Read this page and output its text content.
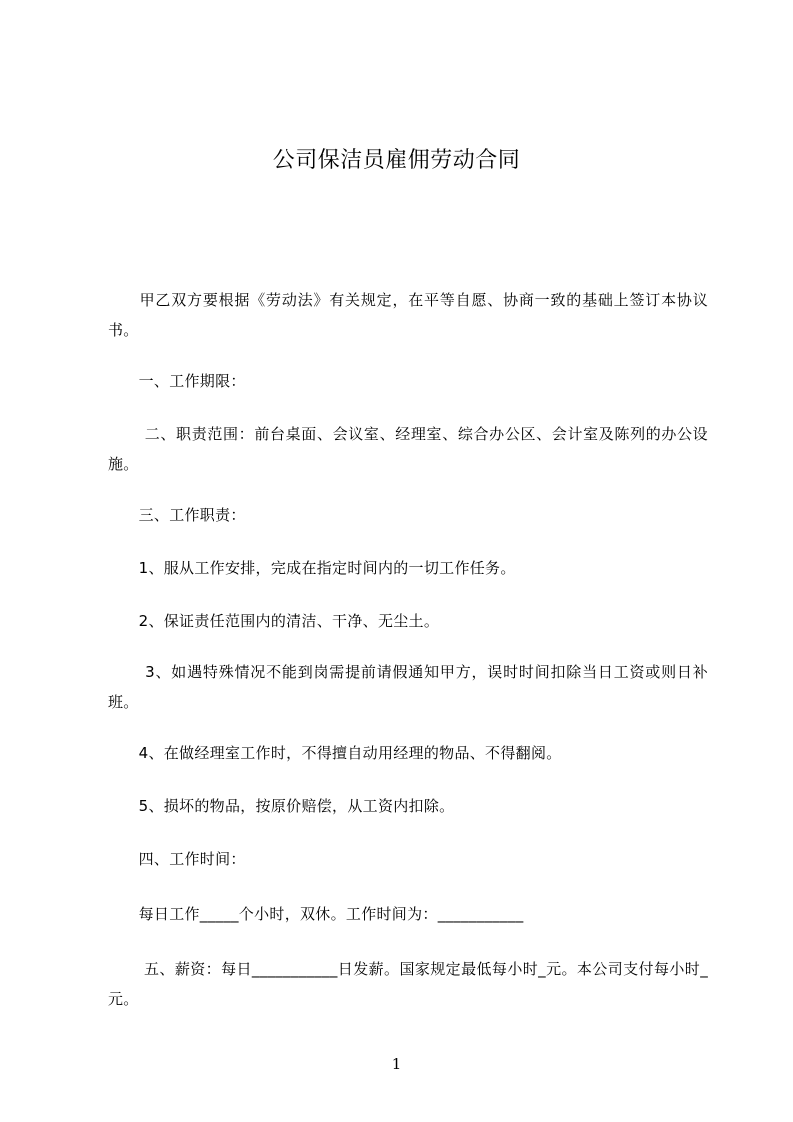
公司保洁员雇佣劳动合同
　　甲乙双方要根据《劳动法》有关规定，在平等自愿、协商一致的基础上签订本协议书。
　　一、工作期限：
　　 二、职责范围：前台桌面、会议室、经理室、综合办公区、会计室及陈列的办公设施。
　　三、工作职责：
　　1、服从工作安排，完成在指定时间内的一切工作任务。
　　2、保证责任范围内的清洁、干净、无尘土。
　　 3、如遇特殊情况不能到岗需提前请假通知甲方，误时时间扣除当日工资或则日补班。
　　4、在做经理室工作时，不得擅自动用经理的物品、不得翻阅。
　　5、损坏的物品，按原价赔偿，从工资内扣除。
　　四、工作时间：
　　每日工作_____个小时，双休。工作时间为：___________
　　 五、薪资：每日___________日发薪。国家规定最低每小时_元。本公司支付每小时_元。
1
